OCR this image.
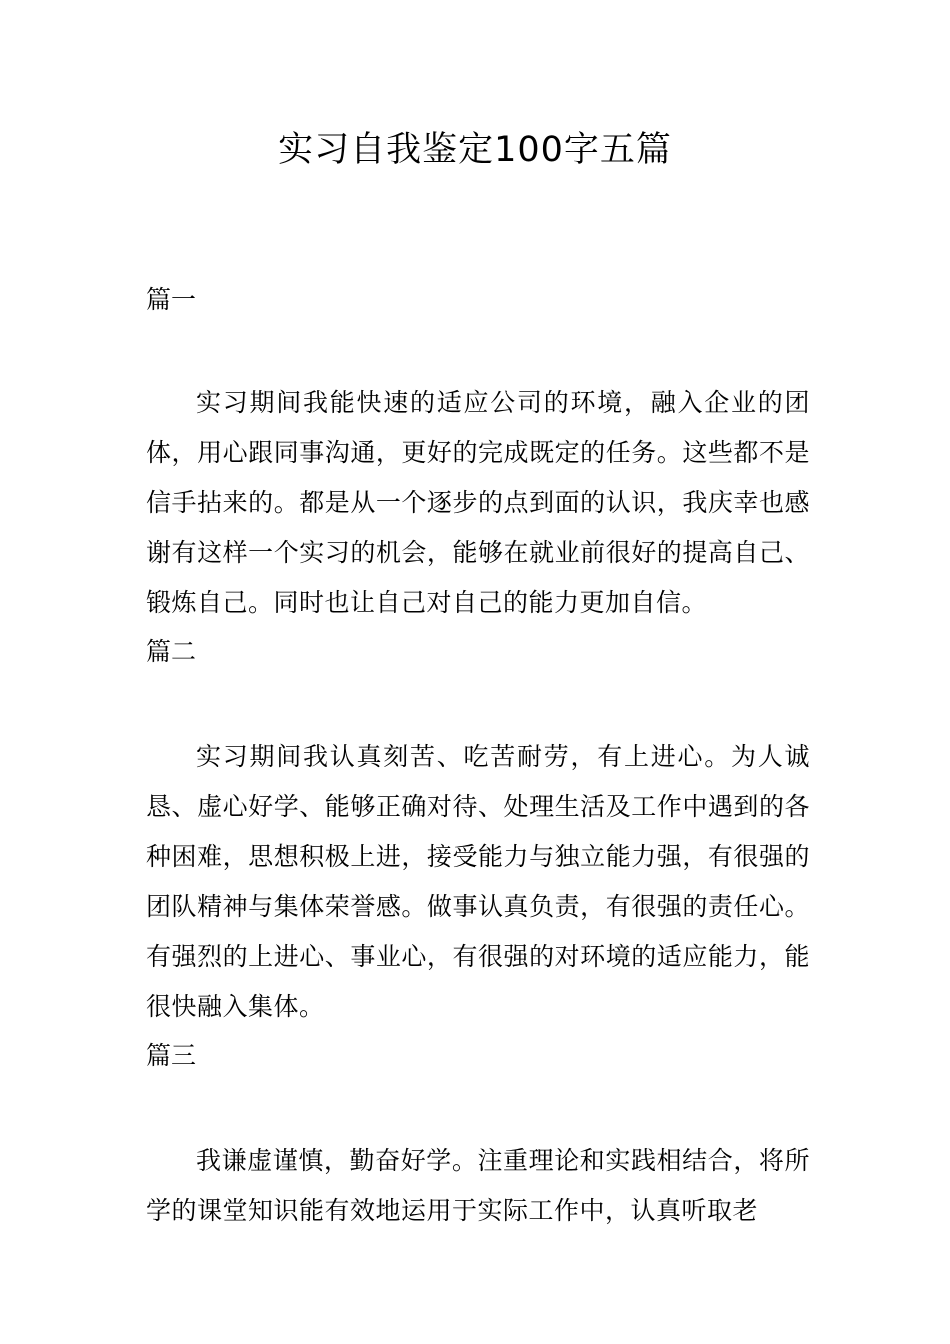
实习自我鉴定100字五篇
篇一

实习期间我能快速的适应公司的环境，融入企业的团体，用心跟同事沟通，更好的完成既定的任务。这些都不是信手拈来的。都是从一个逐步的点到面的认识，我庆幸也感谢有这样一个实习的机会，能够在就业前很好的提高自己、锻炼自己。同时也让自己对自己的能力更加自信。

篇二

实习期间我认真刻苦、吃苦耐劳，有上进心。为人诚恳、虚心好学、能够正确对待、处理生活及工作中遇到的各种困难，思想积极上进，接受能力与独立能力强，有很强的团队精神与集体荣誉感。做事认真负责，有很强的责任心。有强烈的上进心、事业心，有很强的对环境的适应能力，能很快融入集体。

篇三

我谦虚谨慎，勤奋好学。注重理论和实践相结合，将所学的课堂知识能有效地运用于实际工作中，认真听取老
